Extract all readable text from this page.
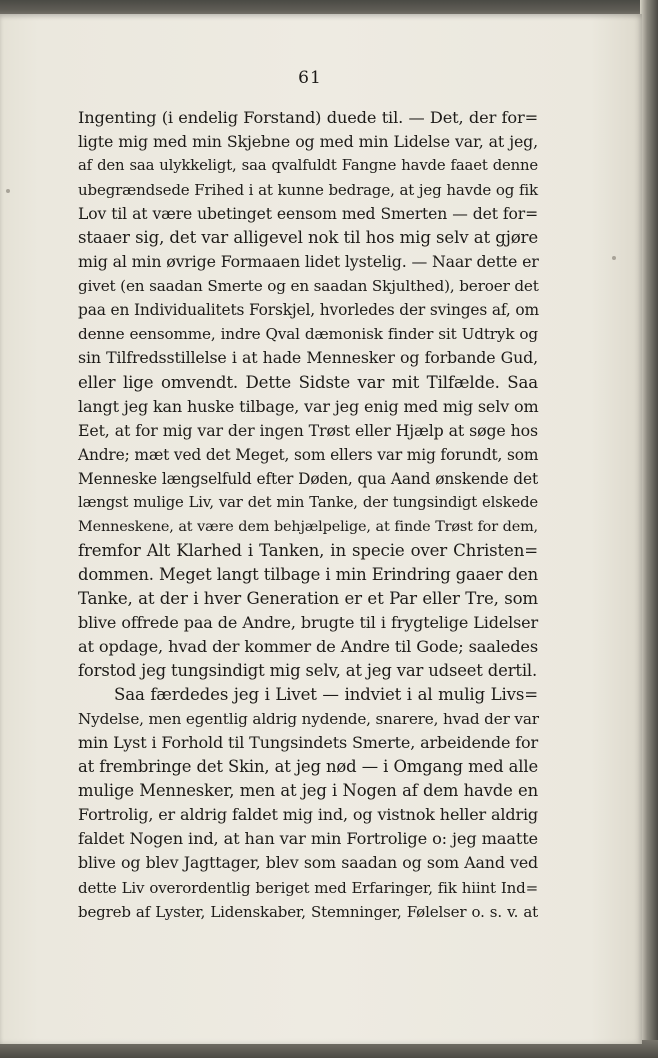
61
Ingenting (i endelig Forstand) duede til. — Det, der for=
ligte mig med min Skjebne og med min Lidelse var, at jeg,
af den saa ulykkeligt, saa qvalfuldt Fangne havde faaet denne
ubegrændsede Frihed i at kunne bedrage, at jeg havde og fik
Lov til at være ubetinget eensom med Smerten — det for=
staaer sig, det var alligevel nok til hos mig selv at gjøre
mig al min øvrige Formaaen lidet lystelig. — Naar dette er
givet (en saadan Smerte og en saadan Skjulthed), beroer det
paa en Individualitets Forskjel, hvorledes der svinges af, om
denne eensomme, indre Qval dæmonisk finder sit Udtryk og
sin Tilfredsstillelse i at hade Mennesker og forbande Gud,
eller lige omvendt. Dette Sidste var mit Tilfælde. Saa
langt jeg kan huske tilbage, var jeg enig med mig selv om
Eet, at for mig var der ingen Trøst eller Hjælp at søge hos
Andre; mæt ved det Meget, som ellers var mig forundt, som
Menneske længselfuld efter Døden, qua Aand ønskende det
længst mulige Liv, var det min Tanke, der tungsindigt elskede
Menneskene, at være dem behjælpelige, at finde Trøst for dem,
fremfor Alt Klarhed i Tanken, in specie over Christen=
dommen. Meget langt tilbage i min Erindring gaaer den
Tanke, at der i hver Generation er et Par eller Tre, som
blive offrede paa de Andre, brugte til i frygtelige Lidelser
at opdage, hvad der kommer de Andre til Gode; saaledes
forstod jeg tungsindigt mig selv, at jeg var udseet dertil.
Saa færdedes jeg i Livet — indviet i al mulig Livs=
Nydelse, men egentlig aldrig nydende, snarere, hvad der var
min Lyst i Forhold til Tungsindets Smerte, arbeidende for
at frembringe det Skin, at jeg nød — i Omgang med alle
mulige Mennesker, men at jeg i Nogen af dem havde en
Fortrolig, er aldrig faldet mig ind, og vistnok heller aldrig
faldet Nogen ind, at han var min Fortrolige o: jeg maatte
blive og blev Jagttager, blev som saadan og som Aand ved
dette Liv overordentlig beriget med Erfaringer, fik hiint Ind=
begreb af Lyster, Lidenskaber, Stemninger, Følelser o. s. v. at
